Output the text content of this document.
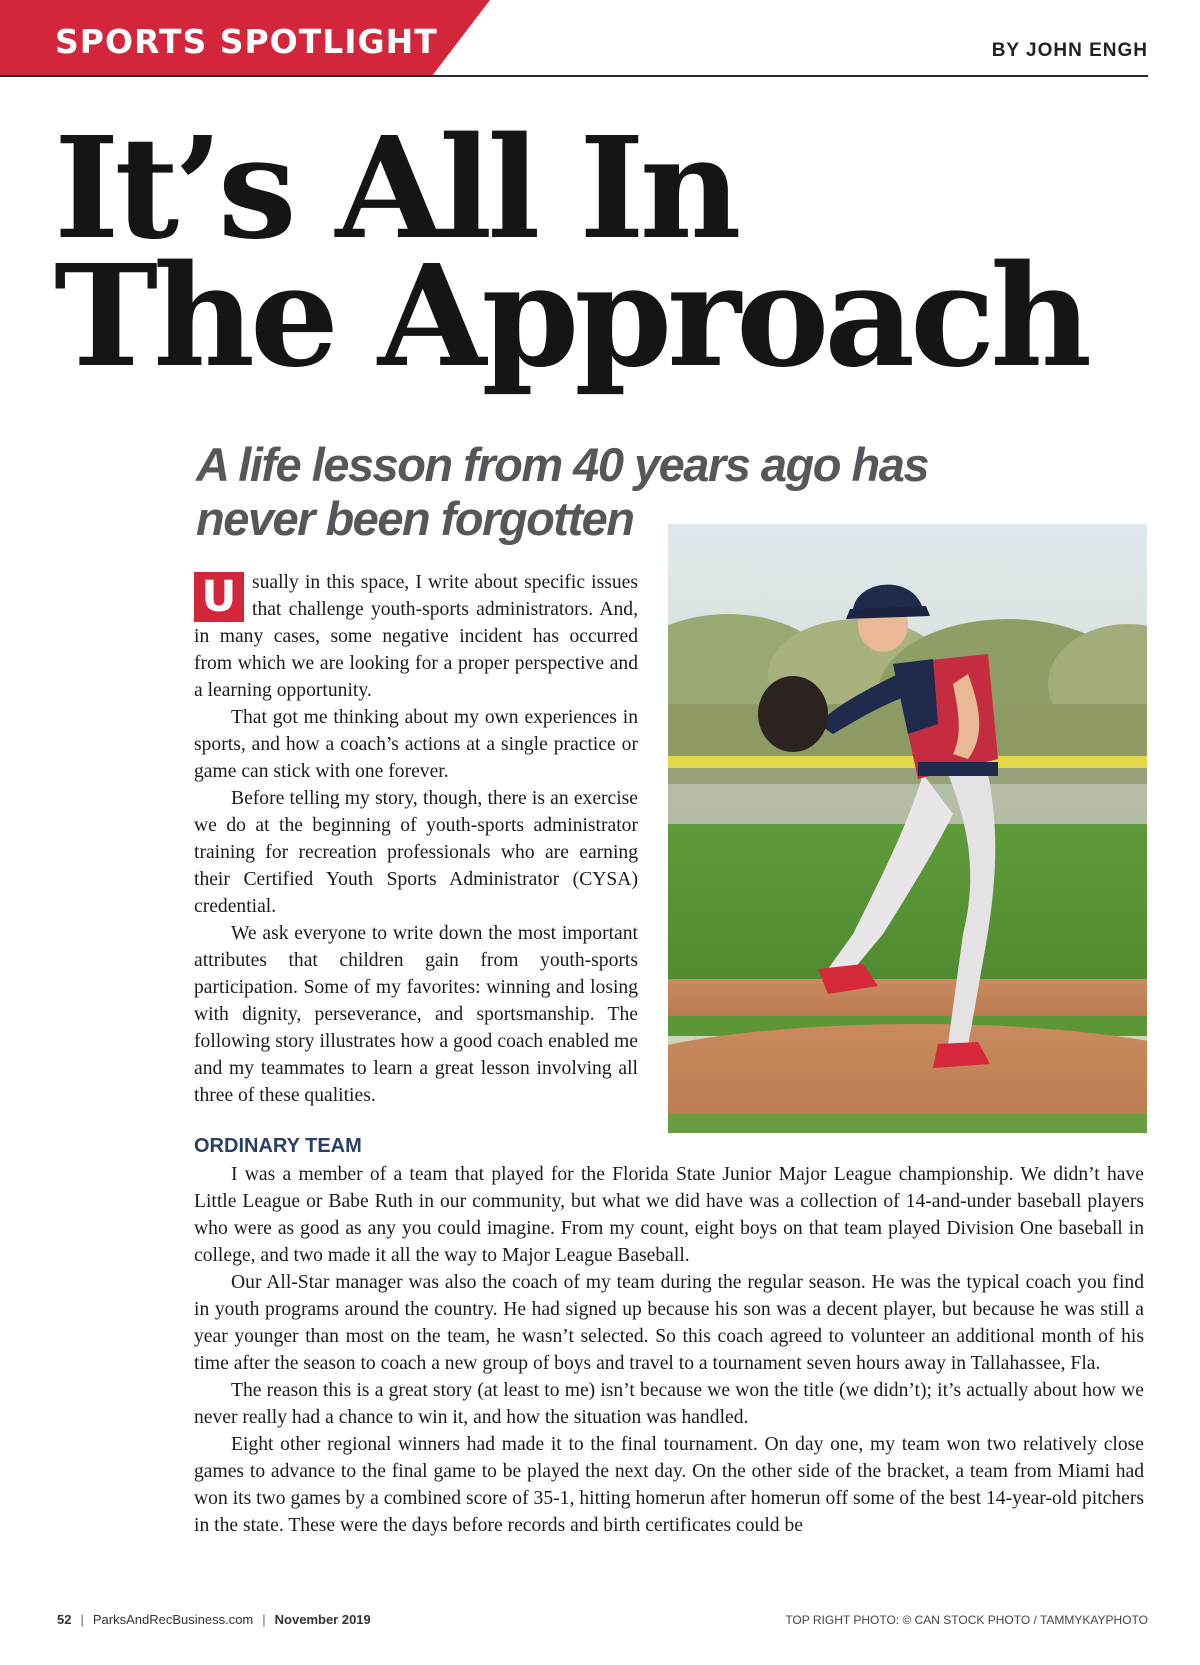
SPORTS SPOTLIGHT	BY JOHN ENGH
It’s All In
The Approach
A life lesson from 40 years ago has
never been forgotten

U sually in this space, I write about specific issues that challenge youth-sports administrators. And, in many cases, some negative incident has occurred from which we are looking for a proper perspective and a learning opportunity.

That got me thinking about my own experiences in sports, and how a coach’s actions at a single practice or game can stick with one forever.

Before telling my story, though, there is an exercise we do at the beginning of youth-sports administrator training for recreation professionals who are earning their Certified Youth Sports Administrator (CYSA) credential.

We ask everyone to write down the most important attributes that children gain from youth-sports participation. Some of my favorites: winning and losing with dignity, perseverance, and sportsmanship. The following story illustrates how a good coach enabled me and my teammates to learn a great lesson involving all three of these qualities.

ORDINARY TEAM

I was a member of a team that played for the Florida State Junior Major League championship. We didn’t have Little League or Babe Ruth in our community, but what we did have was a collection of 14-and-under baseball players who were as good as any you could imagine. From my count, eight boys on that team played Division One baseball in college, and two made it all the way to Major League Baseball.

Our All-Star manager was also the coach of my team during the regular season. He was the typical coach you find in youth programs around the country. He had signed up because his son was a decent player, but because he was still a year younger than most on the team, he wasn’t selected. So this coach agreed to volunteer an additional month of his time after the season to coach a new group of boys and travel to a tournament seven hours away in Tallahassee, Fla.

The reason this is a great story (at least to me) isn’t because we won the title (we didn’t); it’s actually about how we never really had a chance to win it, and how the situation was handled.

Eight other regional winners had made it to the final tournament. On day one, my team won two relatively close games to advance to the final game to be played the next day. On the other side of the bracket, a team from Miami had won its two games by a combined score of 35-1, hitting homerun after homerun off some of the best 14-year-old pitchers in the state. These were the days before records and birth certificates could be

52 | ParksAndRecBusiness.com | November 2019	TOP RIGHT PHOTO: © CAN STOCK PHOTO / TAMMYKAYPHOTO
